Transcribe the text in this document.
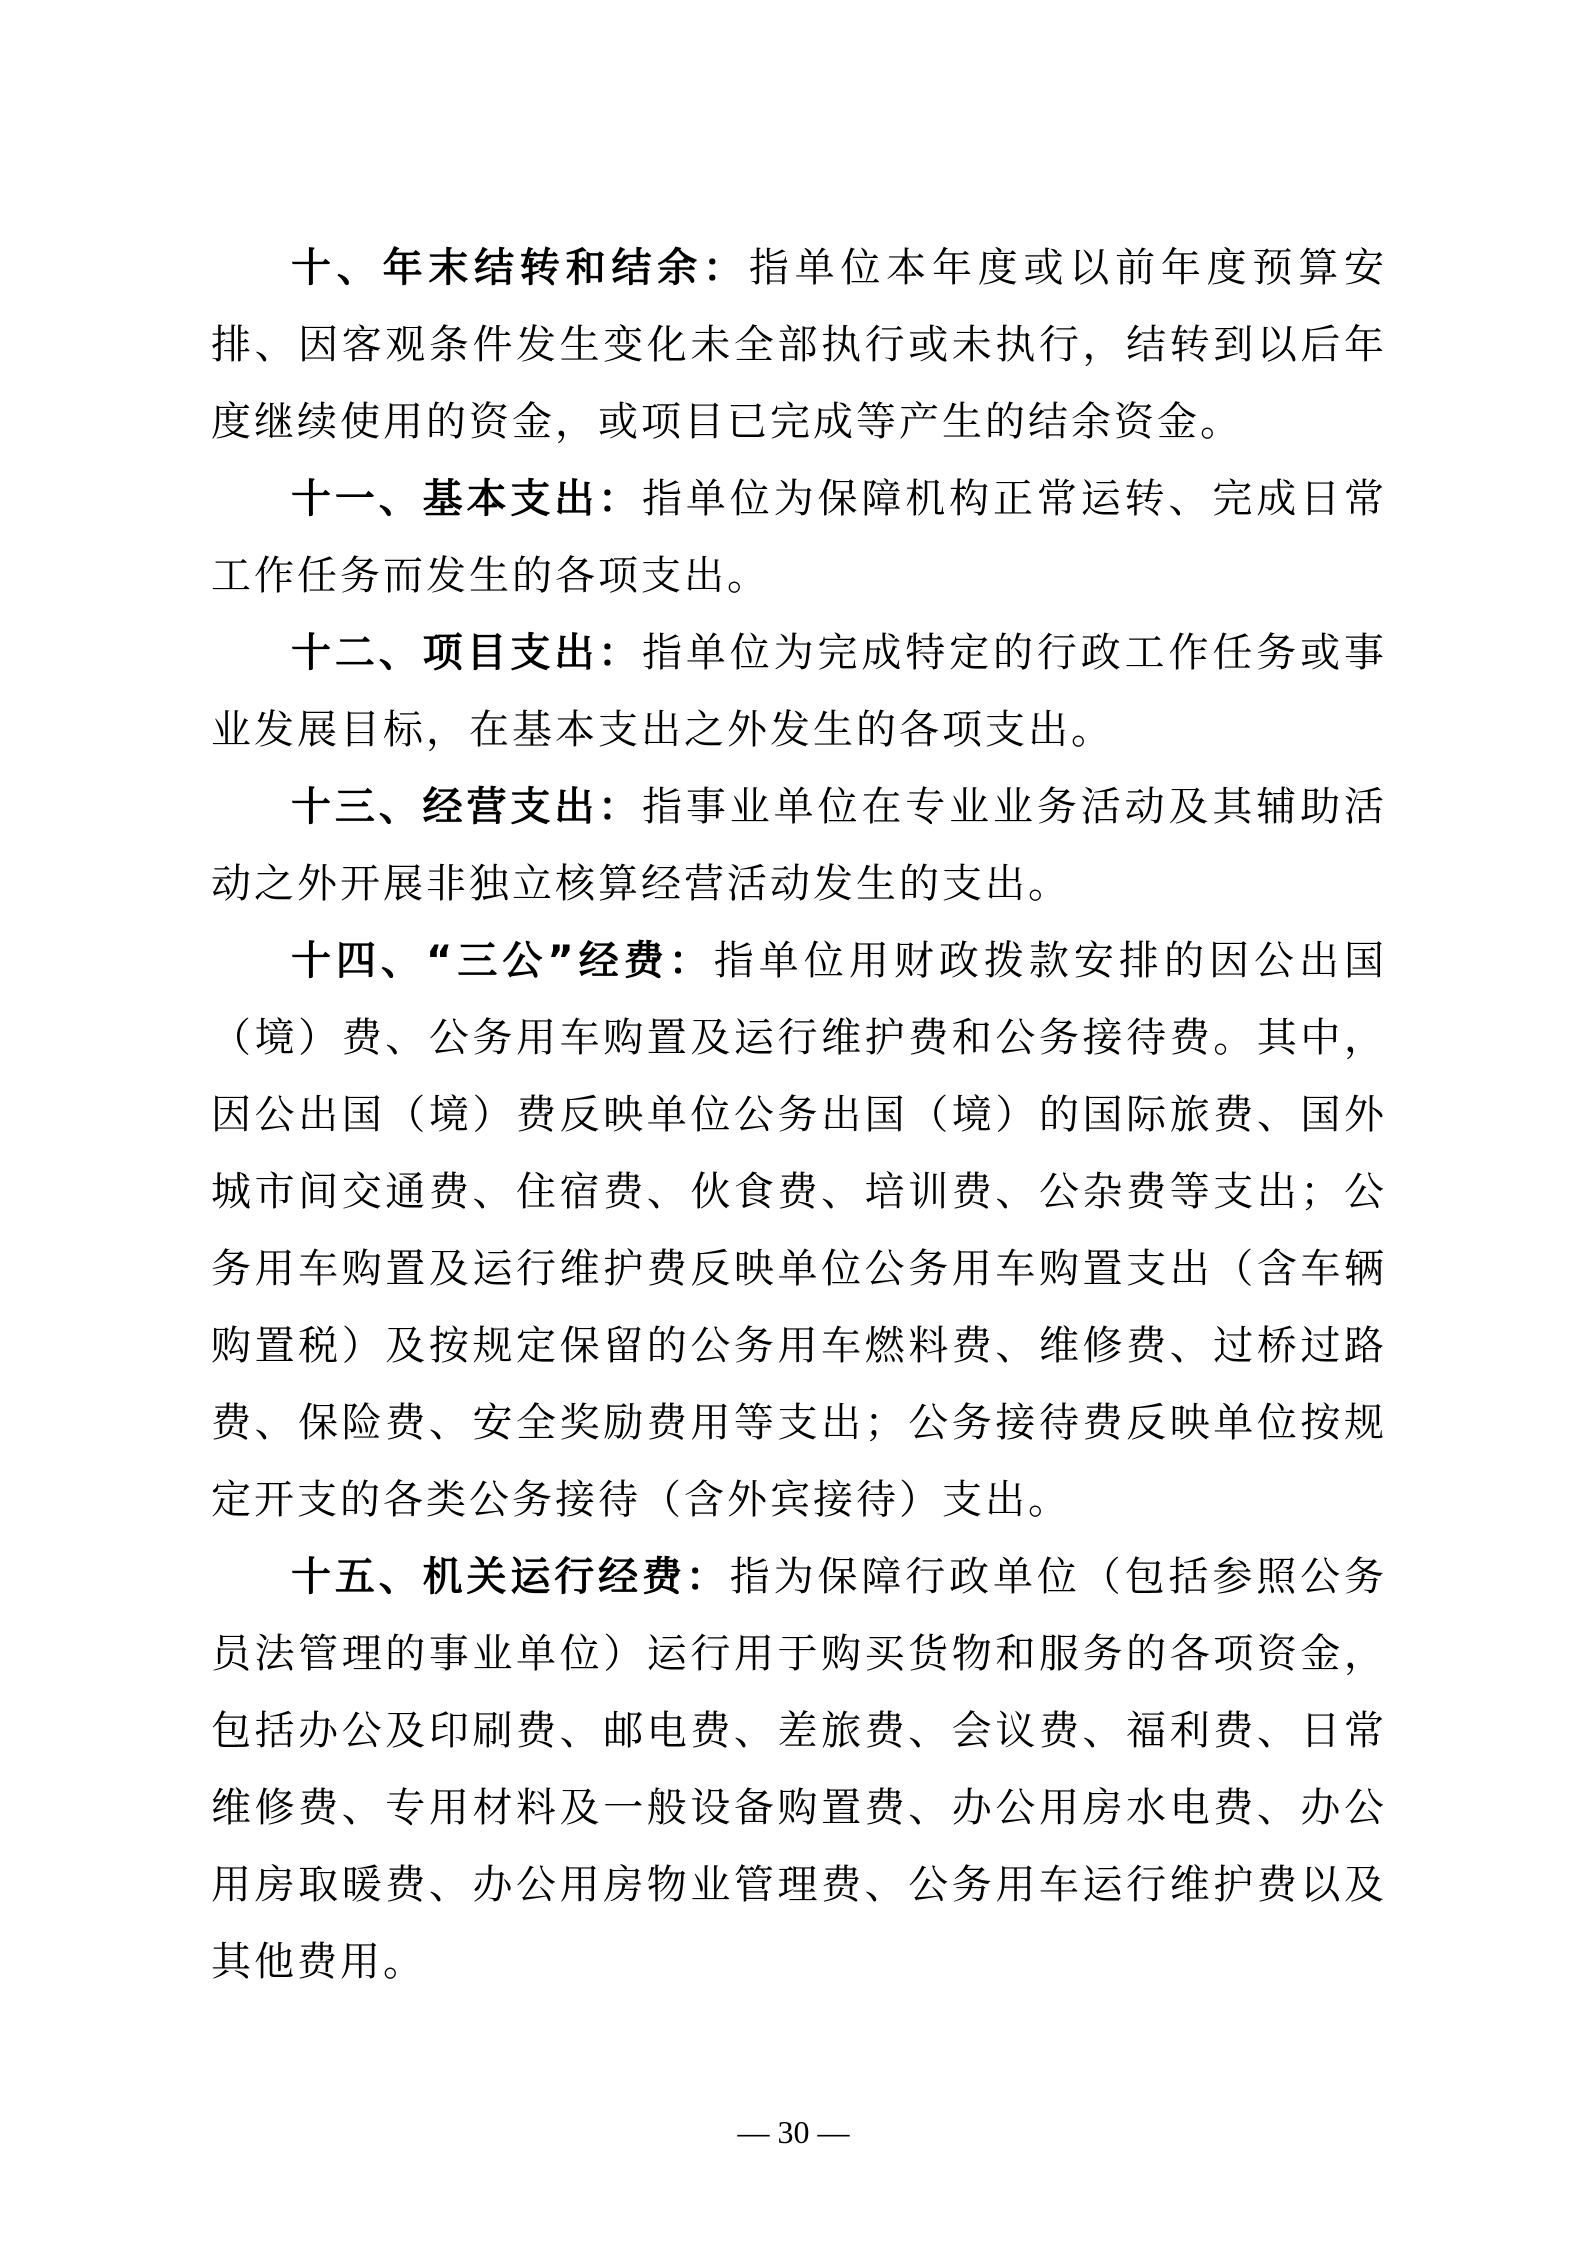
十、年末结转和结余：指单位本年度或以前年度预算安排、因客观条件发生变化未全部执行或未执行，结转到以后年度继续使用的资金，或项目已完成等产生的结余资金。

十一、基本支出：指单位为保障机构正常运转、完成日常工作任务而发生的各项支出。

十二、项目支出：指单位为完成特定的行政工作任务或事业发展目标，在基本支出之外发生的各项支出。

十三、经营支出：指事业单位在专业业务活动及其辅助活动之外开展非独立核算经营活动发生的支出。

十四、“三公”经费：指单位用财政拨款安排的因公出国（境）费、公务用车购置及运行维护费和公务接待费。其中，因公出国（境）费反映单位公务出国（境）的国际旅费、国外城市间交通费、住宿费、伙食费、培训费、公杂费等支出；公务用车购置及运行维护费反映单位公务用车购置支出（含车辆购置税）及按规定保留的公务用车燃料费、维修费、过桥过路费、保险费、安全奖励费用等支出；公务接待费反映单位按规定开支的各类公务接待（含外宾接待）支出。

十五、机关运行经费：指为保障行政单位（包括参照公务员法管理的事业单位）运行用于购买货物和服务的各项资金，包括办公及印刷费、邮电费、差旅费、会议费、福利费、日常维修费、专用材料及一般设备购置费、办公用房水电费、办公用房取暖费、办公用房物业管理费、公务用车运行维护费以及其他费用。

— 30 —
